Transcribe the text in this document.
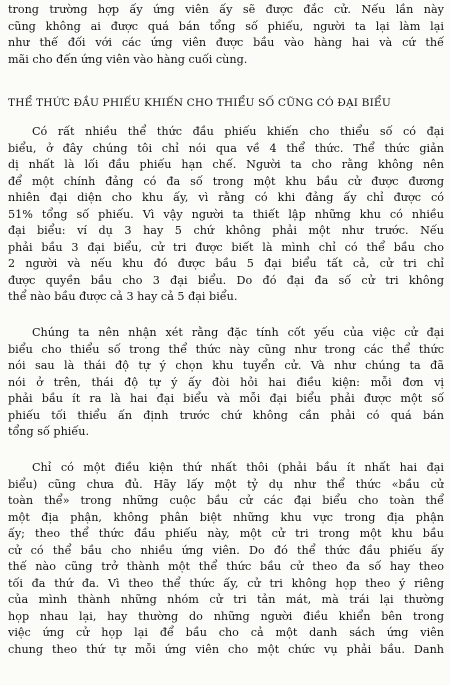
trong trường hợp ấy ứng viên ấy sẽ được đắc cử. Nếu lần này
cũng không ai được quá bán tổng số phiếu, người ta lại làm lại
như thế đối với các ứng viên được bầu vào hàng hai và cứ thế
mãi cho đến ứng viên vào hàng cuối cùng.
THỂ THỨC ĐẦU PHIẾU KHIẾN CHO THIỂU SỐ CŨNG CÓ ĐẠI BIỂU
Có rất nhiều thể thức đầu phiếu khiến cho thiểu số có đại
biểu, ở đây chúng tôi chỉ nói qua về 4 thể thức. Thể thức giản
dị nhất là lối đầu phiếu hạn chế. Người ta cho rằng không nên
để một chính đảng có đa số trong một khu bầu cử được đương
nhiên đại diện cho khu ấy, vì rằng có khi đảng ấy chỉ được có
51% tổng số phiếu. Vì vậy người ta thiết lập những khu có nhiều
đại biểu: ví dụ 3 hay 5 chứ không phải một như trước. Nếu
phải bầu 3 đại biểu, cử tri được biết là mình chỉ có thể bầu cho
2 người và nếu khu đó được bầu 5 đại biểu tất cả, cử tri chỉ
được quyền bầu cho 3 đại biểu. Do đó đại đa số cử tri không
thể nào bầu được cả 3 hay cả 5 đại biểu.
Chúng ta nên nhận xét rằng đặc tính cốt yếu của việc cử đại
biểu cho thiểu số trong thể thức này cũng như trong các thể thức
nói sau là thái độ tự ý chọn khu tuyển cử. Và như chúng ta đã
nói ở trên, thái độ tự ý ấy đòi hỏi hai điều kiện: mỗi đơn vị
phải bầu ít ra là hai đại biểu và mỗi đại biểu phải được một số
phiếu tối thiểu ấn định trước chứ không cần phải có quá bán
tổng số phiếu.
Chỉ có một điều kiện thứ nhất thôi (phải bầu ít nhất hai đại
biểu) cũng chưa đủ. Hãy lấy một tỷ dụ như thể thức «bầu cử
toàn thể» trong những cuộc bầu cử các đại biểu cho toàn thể
một địa phận, không phân biệt những khu vực trong địa phận
ấy; theo thể thức đầu phiếu này, một cử tri trong một khu bầu
cử có thể bầu cho nhiều ứng viên. Do đó thể thức đầu phiếu ấy
thế nào cũng trở thành một thể thức bầu cử theo đa số hay theo
tối đa thứ đa. Vì theo thể thức ấy, cử tri không họp theo ý riêng
của mình thành những nhóm cử tri tản mát, mà trái lại thường
họp nhau lại, hay thường do những người điều khiển bên trong
việc ứng cử họp lại để bầu cho cả một danh sách ứng viên
chung theo thứ tự mỗi ứng viên cho một chức vụ phải bầu. Danh
